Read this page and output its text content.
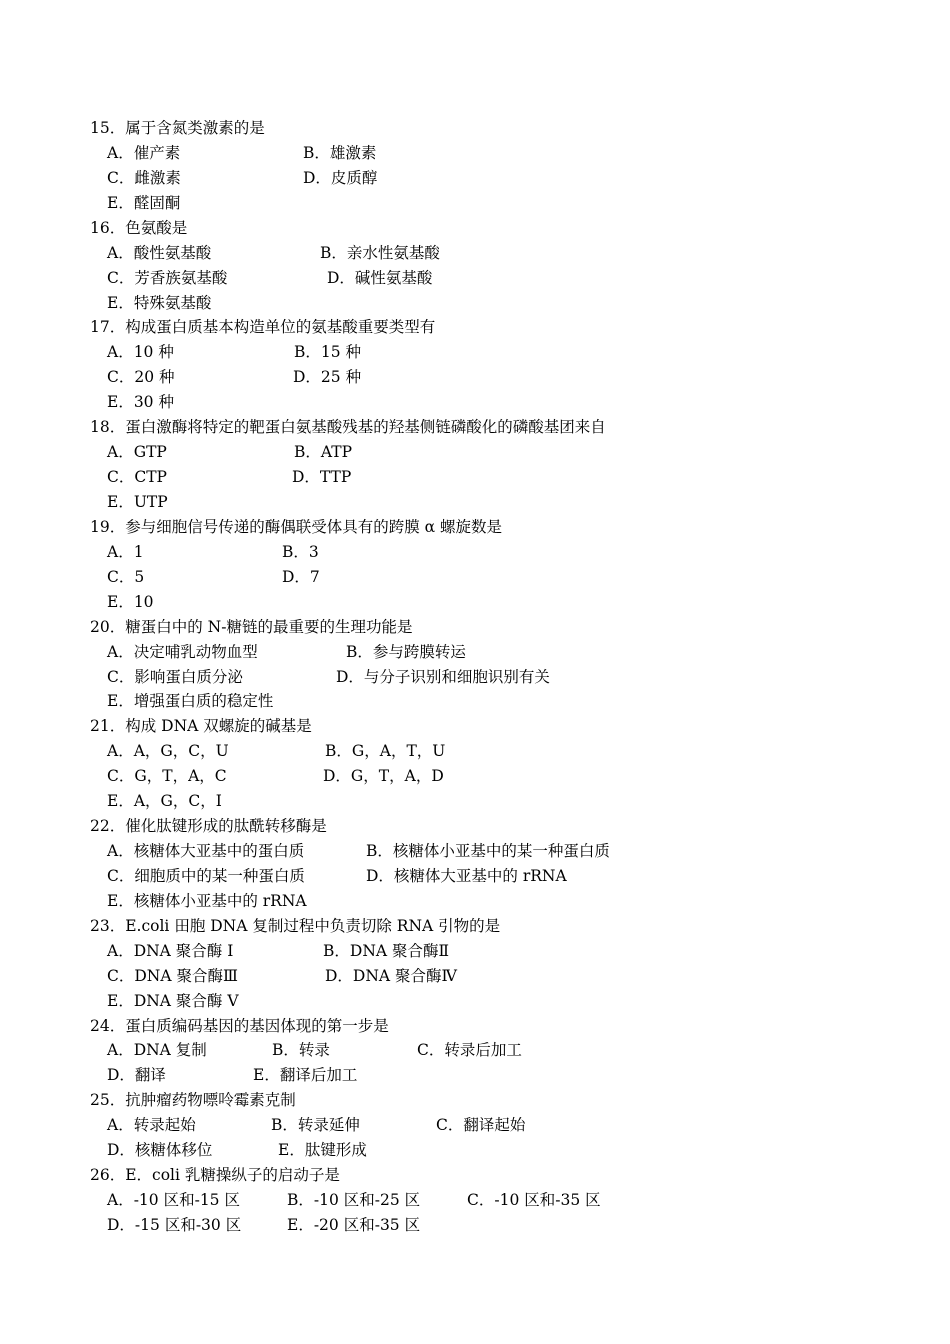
15．属于含氮类激素的是
A．催产素	B．雄激素
C．雌激素	D．皮质醇
E．醛固酮
16．色氨酸是
A．酸性氨基酸	B．亲水性氨基酸
C．芳香族氨基酸	D．碱性氨基酸
E．特殊氨基酸
17．构成蛋白质基本构造单位的氨基酸重要类型有
A．10 种	B．15 种
C．20 种	D．25 种
E．30 种
18．蛋白激酶将特定的靶蛋白氨基酸残基的羟基侧链磷酸化的磷酸基团来自
A．GTP	B．ATP
C．CTP	D．TTP
E．UTP
19．参与细胞信号传递的酶偶联受体具有的跨膜 α 螺旋数是
A．1	B．3
C．5	D．7
E．10
20．糖蛋白中的 N-糖链的最重要的生理功能是
A．决定哺乳动物血型	B．参与跨膜转运
C．影响蛋白质分泌	D．与分子识别和细胞识别有关
E．增强蛋白质的稳定性
21．构成 DNA 双螺旋的碱基是
A．A，G，C，U	B．G，A，T，U
C．G，T，A，C	D．G，T，A，D
E．A，G，C，I
22．催化肽键形成的肽酰转移酶是
A．核糖体大亚基中的蛋白质	B．核糖体小亚基中的某一种蛋白质
C．细胞质中的某一种蛋白质	D．核糖体大亚基中的 rRNA
E．核糖体小亚基中的 rRNA
23．E.coli 田胞 DNA 复制过程中负责切除 RNA 引物的是
A．DNA 聚合酶 I	B．DNA 聚合酶Ⅱ
C．DNA 聚合酶Ⅲ	D．DNA 聚合酶Ⅳ
E．DNA 聚合酶 V
24．蛋白质编码基因的基因体现的第一步是
A．DNA 复制	B．转录	C．转录后加工
D．翻译	E．翻译后加工
25．抗肿瘤药物嘌呤霉素克制
A．转录起始	B．转录延伸	C．翻译起始
D．核糖体移位	E．肽键形成
26．E．coli 乳糖操纵子的启动子是
A．-10 区和-15 区	B．-10 区和-25 区	C．-10 区和-35 区
D．-15 区和-30 区	E．-20 区和-35 区
